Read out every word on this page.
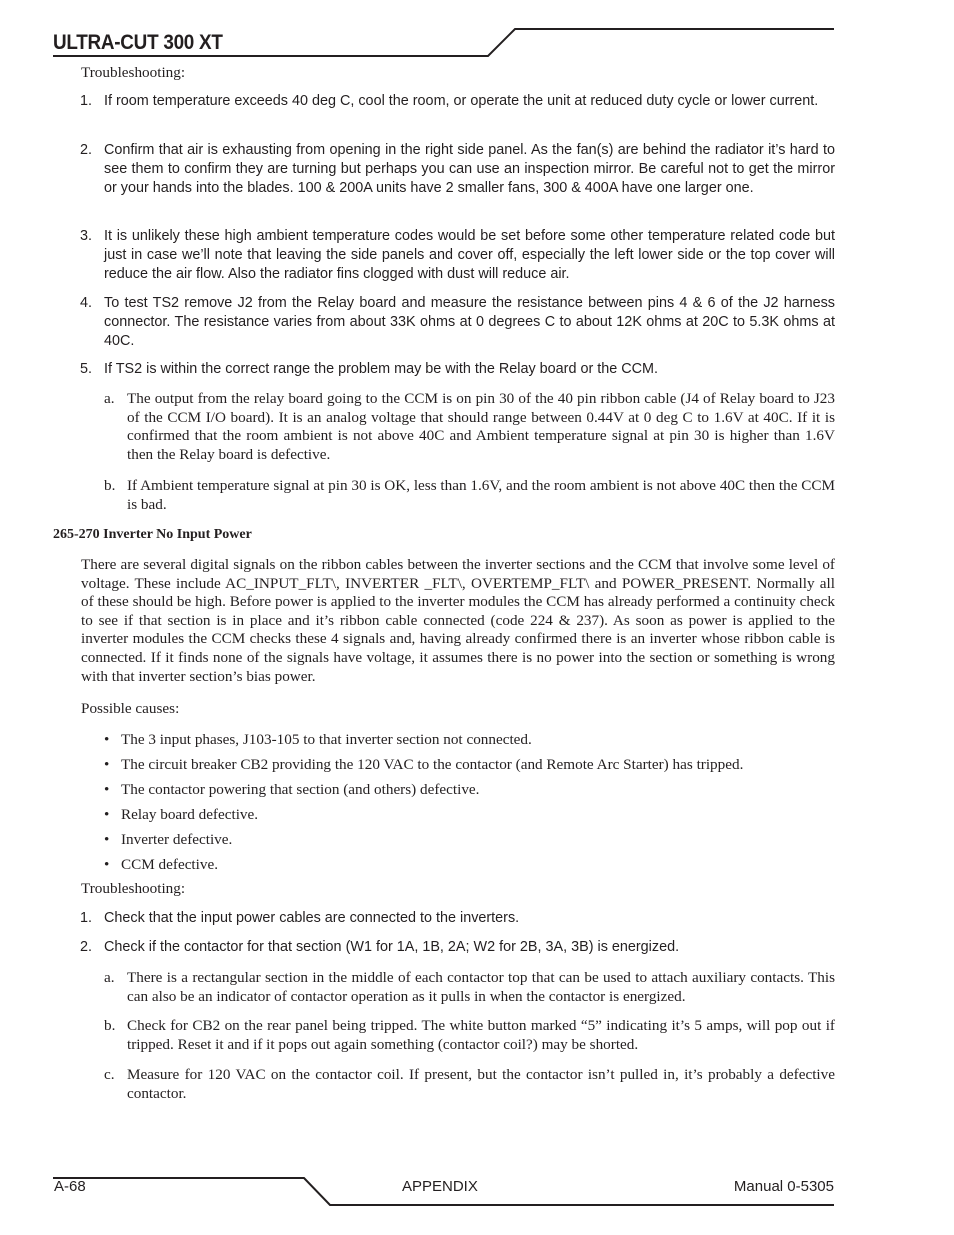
ULTRA-CUT 300 XT
Troubleshooting:
1. If room temperature exceeds 40 deg C, cool the room, or operate the unit at reduced duty cycle or lower current.
2. Confirm that air is exhausting from opening in the right side panel. As the fan(s) are behind the radiator it’s hard to see them to confirm they are turning but perhaps you can use an inspection mirror. Be careful not to get the mirror or your hands into the blades. 100 & 200A units have 2 smaller fans, 300 & 400A have one larger one.
3. It is unlikely these high ambient temperature codes would be set before some other temperature related code but just in case we’ll note that leaving the side panels and cover off, especially the left lower side or the top cover will reduce the air flow. Also the radiator fins clogged with dust will reduce air.
4. To test TS2 remove J2 from the Relay board and measure the resistance between pins 4 & 6 of the J2 harness connector. The resistance varies from about 33K ohms at 0 degrees C to about 12K ohms at 20C to 5.3K ohms at 40C.
5. If TS2 is within the correct range the problem may be with the Relay board or the CCM.
a. The output from the relay board going to the CCM is on pin 30 of the 40 pin ribbon cable (J4 of Relay board to J23 of the CCM I/O board). It is an analog voltage that should range between 0.44V at 0 deg C to 1.6V at 40C. If it is confirmed that the room ambient is not above 40C and Ambient temperature signal at pin 30 is higher than 1.6V then the Relay board is defective.
b. If Ambient temperature signal at pin 30 is OK, less than 1.6V, and the room ambient is not above 40C then the CCM is bad.
265-270 Inverter No Input Power
There are several digital signals on the ribbon cables between the inverter sections and the CCM that involve some level of voltage. These include AC_INPUT_FLT\, INVERTER _FLT\, OVERTEMP_FLT\ and POWER_PRESENT. Normally all of these should be high. Before power is applied to the inverter modules the CCM has already performed a continuity check to see if that section is in place and it’s ribbon cable connected (code 224 & 237). As soon as power is applied to the inverter modules the CCM checks these 4 signals and, having already confirmed there is an inverter whose ribbon cable is connected. If it finds none of the signals have voltage, it assumes there is no power into the section or something is wrong with that inverter section’s bias power.
Possible causes:
• The 3 input phases, J103-105 to that inverter section not connected.
• The circuit breaker CB2 providing the 120 VAC to the contactor (and Remote Arc Starter) has tripped.
• The contactor powering that section (and others) defective.
• Relay board defective.
• Inverter defective.
• CCM defective.
Troubleshooting:
1. Check that the input power cables are connected to the inverters.
2. Check if the contactor for that section (W1 for 1A, 1B, 2A; W2 for 2B, 3A, 3B) is energized.
a. There is a rectangular section in the middle of each contactor top that can be used to attach auxiliary contacts. This can also be an indicator of contactor operation as it pulls in when the contactor is energized.
b. Check for CB2 on the rear panel being tripped. The white button marked “5” indicating it’s 5 amps, will pop out if tripped. Reset it and if it pops out again something (contactor coil?) may be shorted.
c. Measure for 120 VAC on the contactor coil. If present, but the contactor isn’t pulled in, it’s probably a defective contactor.
A-68	APPENDIX	Manual 0-5305
